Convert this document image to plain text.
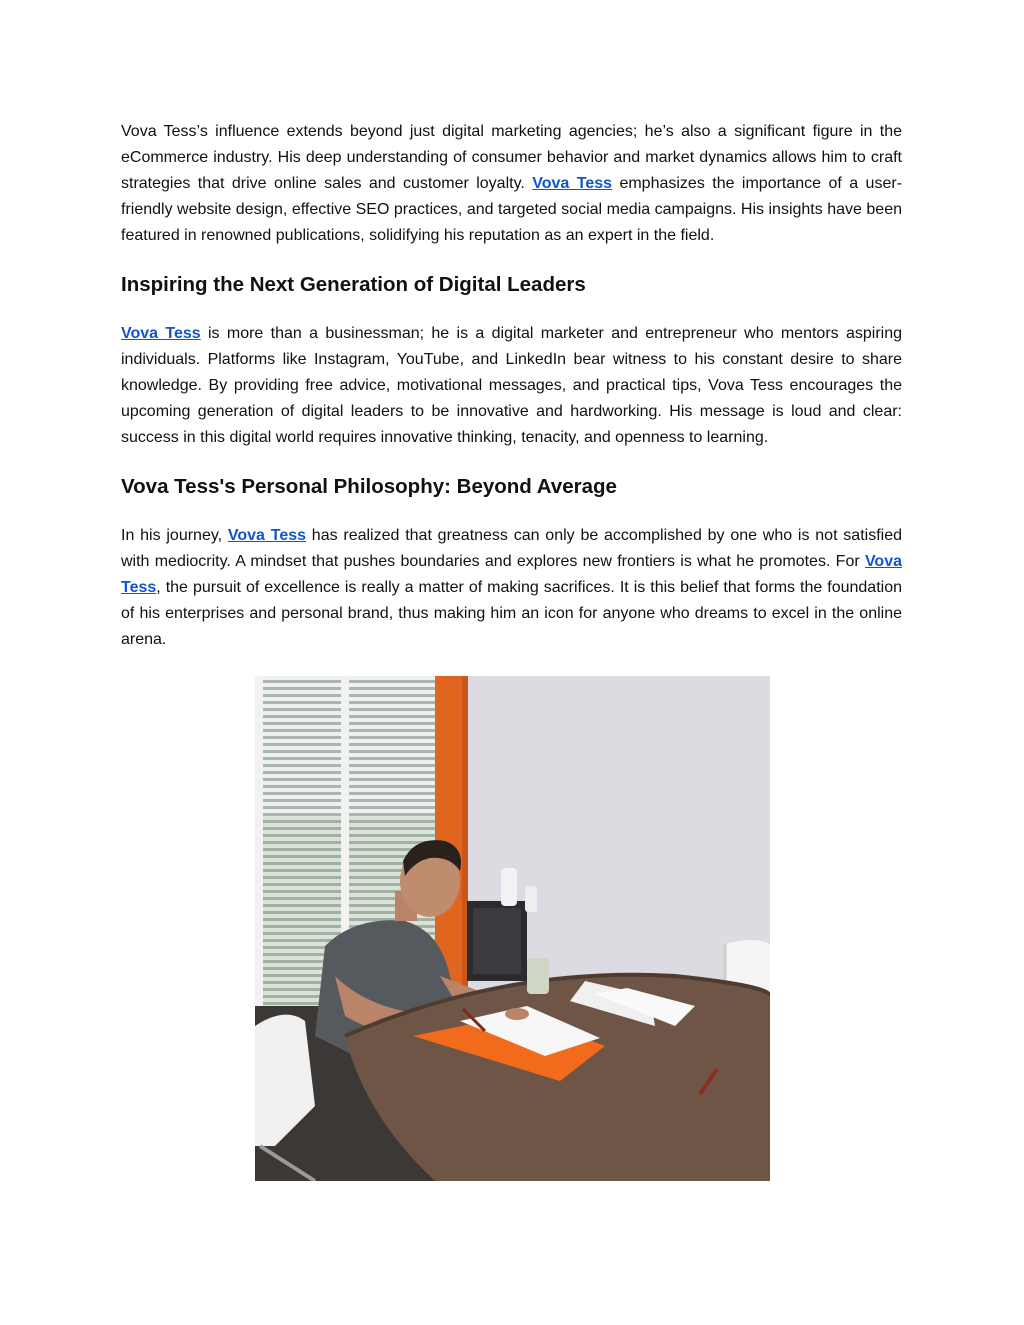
Vova Tess’s influence extends beyond just digital marketing agencies; he’s also a significant figure in the eCommerce industry. His deep understanding of consumer behavior and market dynamics allows him to craft strategies that drive online sales and customer loyalty. Vova Tess emphasizes the importance of a user-friendly website design, effective SEO practices, and targeted social media campaigns. His insights have been featured in renowned publications, solidifying his reputation as an expert in the field.

Inspiring the Next Generation of Digital Leaders

Vova Tess is more than a businessman; he is a digital marketer and entrepreneur who mentors aspiring individuals. Platforms like Instagram, YouTube, and LinkedIn bear witness to his constant desire to share knowledge. By providing free advice, motivational messages, and practical tips, Vova Tess encourages the upcoming generation of digital leaders to be innovative and hardworking. His message is loud and clear: success in this digital world requires innovative thinking, tenacity, and openness to learning.

Vova Tess's Personal Philosophy: Beyond Average

In his journey, Vova Tess has realized that greatness can only be accomplished by one who is not satisfied with mediocrity. A mindset that pushes boundaries and explores new frontiers is what he promotes. For Vova Tess, the pursuit of excellence is really a matter of making sacrifices. It is this belief that forms the foundation of his enterprises and personal brand, thus making him an icon for anyone who dreams to excel in the online arena.
